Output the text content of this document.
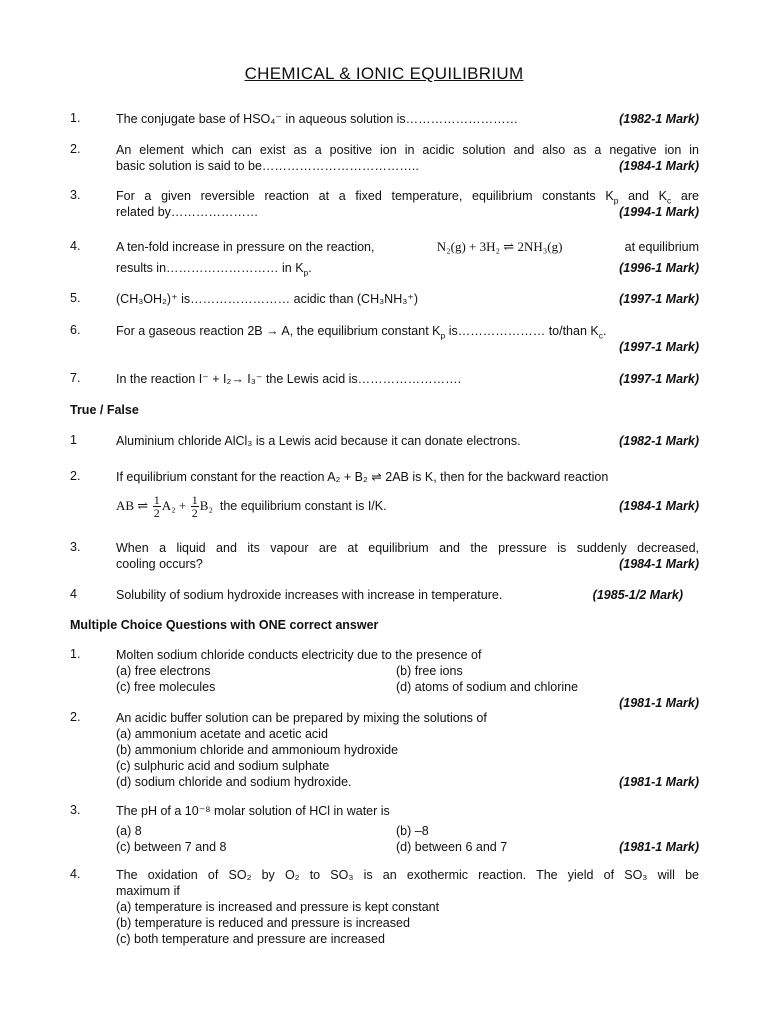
CHEMICAL & IONIC EQUILIBRIUM
1.	The conjugate base of HSO₄⁻ in aqueous solution is………………………	(1982-1 Mark)
2.	An element which can exist as a positive ion in acidic solution and also as a negative ion in
basic solution is said to be………………………………..	(1984-1 Mark)
3.	For a given reversible reaction at a fixed temperature, equilibrium constants $K_p$ and $K_c$ are
related by…………………	(1994-1 Mark)
4.	A ten-fold increase in pressure on the reaction,	N₂(g) + 3H₂ ⇌ 2NH₃(g)	at equilibrium
results in……………………… in $K_p$.	(1996-1 Mark)
5.	(CH₃OH₂)⁺ is…………………… acidic than (CH₃NH₃⁺)	(1997-1 Mark)
6.	For a gaseous reaction 2B → A, the equilibrium constant $K_p$ is………………… to/than $K_c$.
(1997-1 Mark)
7.	In the reaction I⁻ + I₂→ I₃⁻ the Lewis acid is…………………….	(1997-1 Mark)
True / False
1	Aluminium chloride AlCl₃ is a Lewis acid because it can donate electrons.	(1982-1 Mark)
2.	If equilibrium constant for the reaction A₂ + B₂ ⇌ 2AB is K, then for the backward reaction
AB ⇌ $\frac{1}{2} A_2 + \frac{1}{2} B_2$ the equilibrium constant is I/K.	(1984-1 Mark)
3.	When a liquid and its vapour are at equilibrium and the pressure is suddenly decreased,
cooling occurs?	(1984-1 Mark)
4	Solubility of sodium hydroxide increases with increase in temperature.	(1985-1/2 Mark)
Multiple Choice Questions with ONE correct answer
1.	Molten sodium chloride conducts electricity due to the presence of
(a) free electrons	(b) free ions
(c) free molecules	(d) atoms of sodium and chlorine
(1981-1 Mark)
2.	An acidic buffer solution can be prepared by mixing the solutions of
(a) ammonium acetate and acetic acid
(b) ammonium chloride and ammonioum hydroxide
(c) sulphuric acid and sodium sulphate
(d) sodium chloride and sodium hydroxide.	(1981-1 Mark)
3.	The pH of a 10⁻⁸ molar solution of HCl in water is
(a) 8	(b) –8
(c) between 7 and 8	(d) between 6 and 7	(1981-1 Mark)
4.	The oxidation of SO₂ by O₂ to SO₃ is an exothermic reaction. The yield of SO₃ will be
maximum if
(a) temperature is increased and pressure is kept constant
(b) temperature is reduced and pressure is increased
(c) both temperature and pressure are increased
